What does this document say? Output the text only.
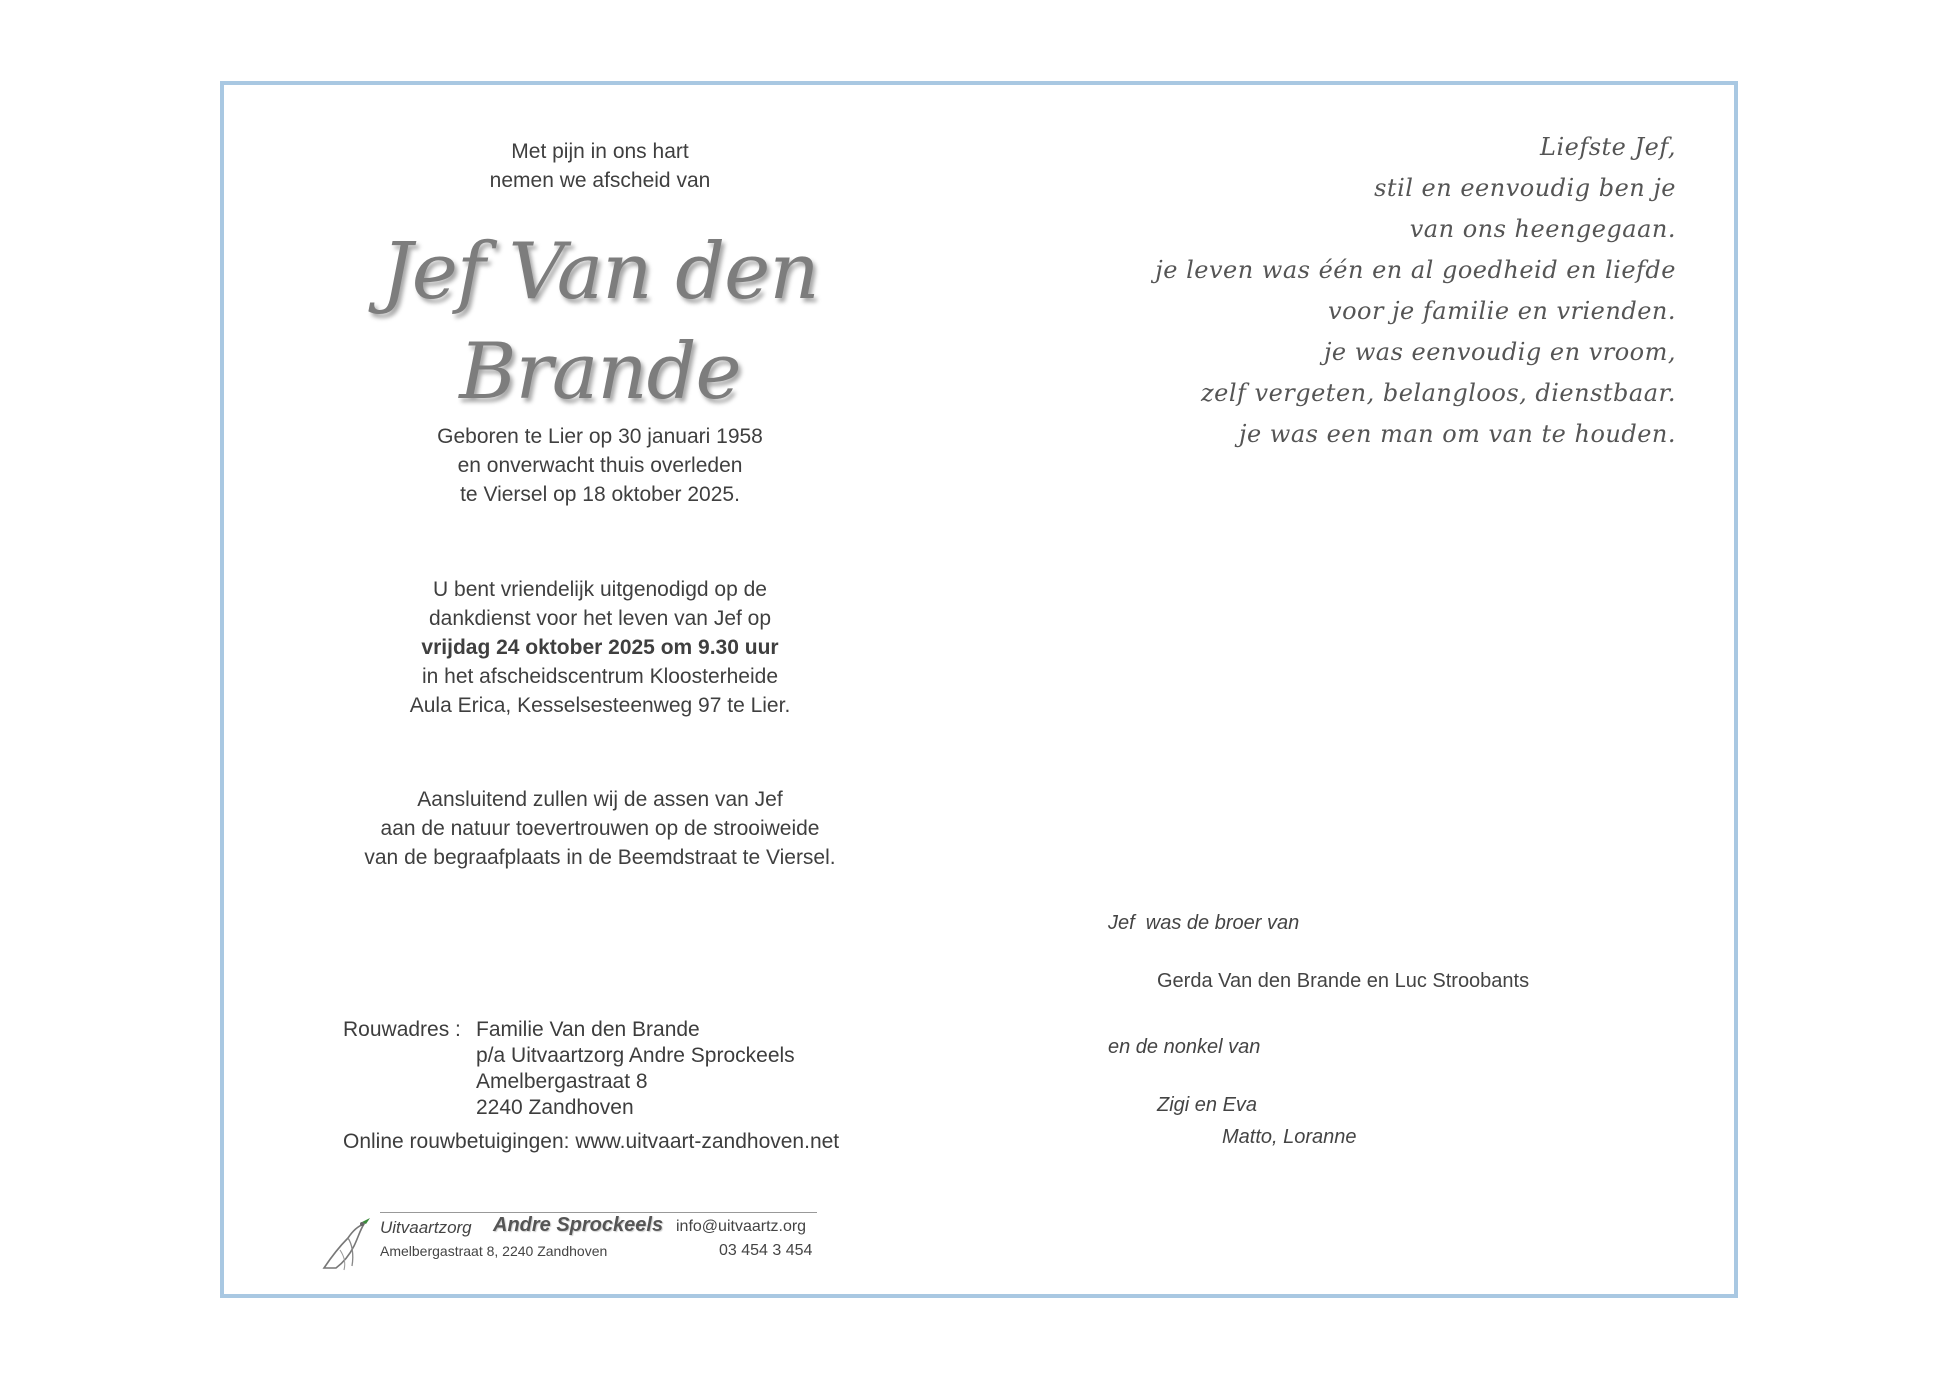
Met pijn in ons hart
nemen we afscheid van
Jef Van den Brande
Geboren te Lier op 30 januari 1958
en onverwacht thuis overleden
te Viersel op 18 oktober 2025.
U bent vriendelijk uitgenodigd op de
dankdienst voor het leven van Jef op
vrijdag 24 oktober 2025 om 9.30 uur
in het afscheidscentrum Kloosterheide
Aula Erica, Kesselsesteenweg 97 te Lier.
Aansluitend zullen wij de assen van Jef
aan de natuur toevertrouwen op de strooiweide
van de begraafplaats in de Beemdstraat te Viersel.
Rouwadres : Familie Van den Brande
p/a Uitvaartzorg Andre Sprockeels
Amelbergastraat 8
2240 Zandhoven
Online rouwbetuigingen: www.uitvaart-zandhoven.net
Uitvaartzorg Andre Sprockeels info@uitvaartz.org
Amelbergastraat 8, 2240 Zandhoven	03 454 3 454
Liefste Jef,
stil en eenvoudig ben je
van ons heengegaan.
je leven was één en al goedheid en liefde
voor je familie en vrienden.
je was eenvoudig en vroom,
zelf vergeten, belangloos, dienstbaar.
je was een man om van te houden.
Jef  was de broer van
Gerda Van den Brande en Luc Stroobants
en de nonkel van
Zigi en Eva
Matto, Loranne
